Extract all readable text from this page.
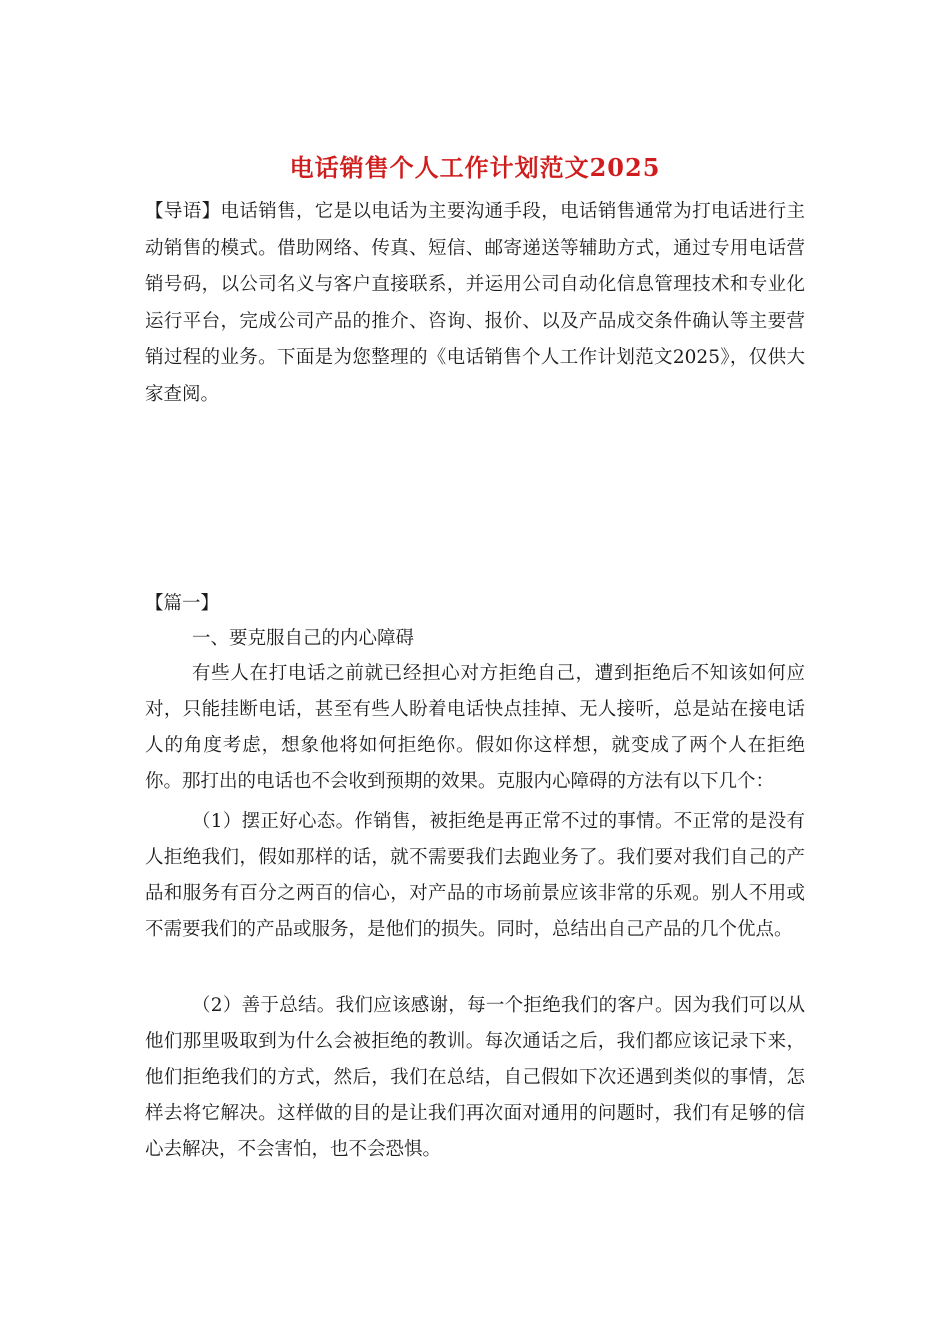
电话销售个人工作计划范文2025

【导语】电话销售，它是以电话为主要沟通手段，电话销售通常为打电话进行主动销售的模式。借助网络、传真、短信、邮寄递送等辅助方式，通过专用电话营销号码，以公司名义与客户直接联系，并运用公司自动化信息管理技术和专业化运行平台，完成公司产品的推介、咨询、报价、以及产品成交条件确认等主要营销过程的业务。下面是为您整理的《电话销售个人工作计划范文2025》，仅供大家查阅。

【篇一】

一、要克服自己的内心障碍

有些人在打电话之前就已经担心对方拒绝自己，遭到拒绝后不知该如何应对，只能挂断电话，甚至有些人盼着电话快点挂掉、无人接听，总是站在接电话人的角度考虑，想象他将如何拒绝你。假如你这样想，就变成了两个人在拒绝你。那打出的电话也不会收到预期的效果。克服内心障碍的方法有以下几个：

（1）摆正好心态。作销售，被拒绝是再正常不过的事情。不正常的是没有人拒绝我们，假如那样的话，就不需要我们去跑业务了。我们要对我们自己的产品和服务有百分之两百的信心，对产品的市场前景应该非常的乐观。别人不用或不需要我们的产品或服务，是他们的损失。同时，总结出自己产品的几个优点。

（2）善于总结。我们应该感谢，每一个拒绝我们的客户。因为我们可以从他们那里吸取到为什么会被拒绝的教训。每次通话之后，我们都应该记录下来，他们拒绝我们的方式，然后，我们在总结，自己假如下次还遇到类似的事情，怎样去将它解决。这样做的目的是让我们再次面对通用的问题时，我们有足够的信心去解决，不会害怕，也不会恐惧。
